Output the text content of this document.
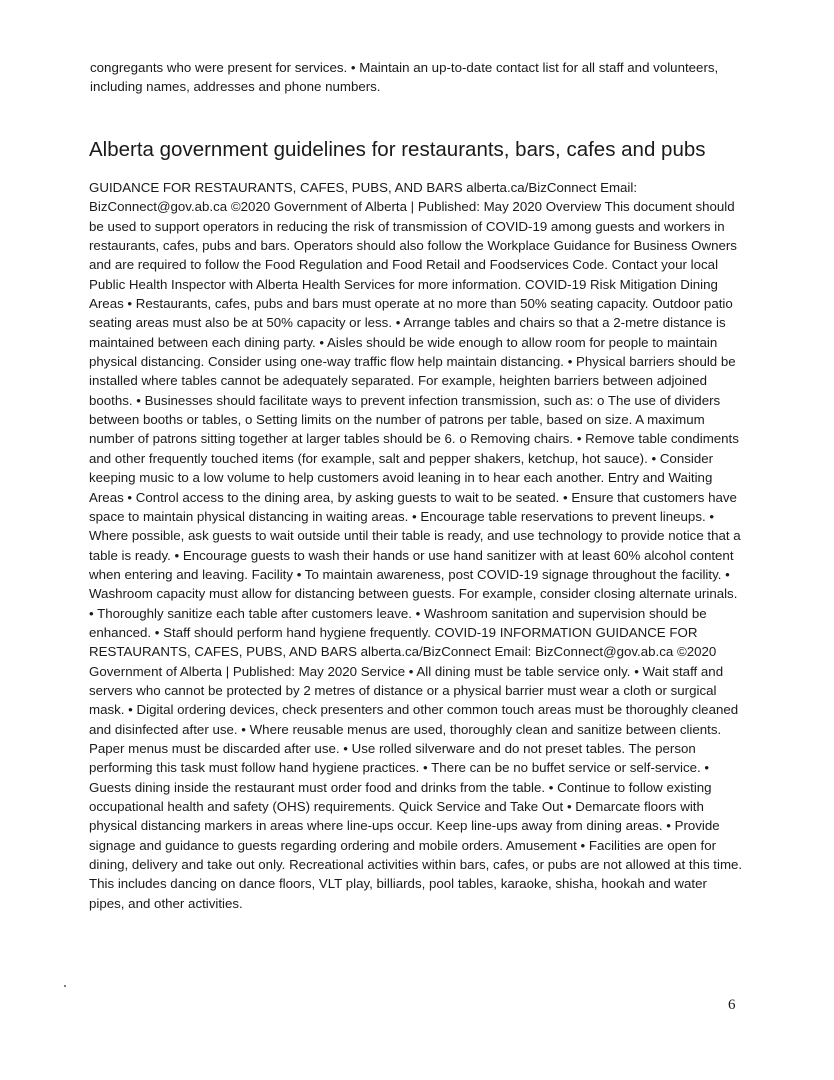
congregants who were present for services. • Maintain an up-to-date contact list for all staff and volunteers, including names, addresses and phone numbers.

Alberta government guidelines for restaurants, bars, cafes and pubs

GUIDANCE FOR RESTAURANTS, CAFES, PUBS, AND BARS alberta.ca/BizConnect Email: BizConnect@gov.ab.ca ©2020 Government of Alberta | Published: May 2020 Overview This document should be used to support operators in reducing the risk of transmission of COVID-19 among guests and workers in restaurants, cafes, pubs and bars. Operators should also follow the Workplace Guidance for Business Owners and are required to follow the Food Regulation and Food Retail and Foodservices Code. Contact your local Public Health Inspector with Alberta Health Services for more information. COVID-19 Risk Mitigation Dining Areas • Restaurants, cafes, pubs and bars must operate at no more than 50% seating capacity. Outdoor patio seating areas must also be at 50% capacity or less. • Arrange tables and chairs so that a 2-metre distance is maintained between each dining party. • Aisles should be wide enough to allow room for people to maintain physical distancing. Consider using one-way traffic flow help maintain distancing. • Physical barriers should be installed where tables cannot be adequately separated. For example, heighten barriers between adjoined booths. • Businesses should facilitate ways to prevent infection transmission, such as: o The use of dividers between booths or tables, o Setting limits on the number of patrons per table, based on size. A maximum number of patrons sitting together at larger tables should be 6. o Removing chairs. • Remove table condiments and other frequently touched items (for example, salt and pepper shakers, ketchup, hot sauce). • Consider keeping music to a low volume to help customers avoid leaning in to hear each another. Entry and Waiting Areas • Control access to the dining area, by asking guests to wait to be seated. • Ensure that customers have space to maintain physical distancing in waiting areas. • Encourage table reservations to prevent lineups. • Where possible, ask guests to wait outside until their table is ready, and use technology to provide notice that a table is ready. • Encourage guests to wash their hands or use hand sanitizer with at least 60% alcohol content when entering and leaving. Facility • To maintain awareness, post COVID-19 signage throughout the facility. • Washroom capacity must allow for distancing between guests. For example, consider closing alternate urinals. • Thoroughly sanitize each table after customers leave. • Washroom sanitation and supervision should be enhanced. • Staff should perform hand hygiene frequently. COVID-19 INFORMATION GUIDANCE FOR RESTAURANTS, CAFES, PUBS, AND BARS alberta.ca/BizConnect Email: BizConnect@gov.ab.ca ©2020 Government of Alberta | Published: May 2020 Service • All dining must be table service only. • Wait staff and servers who cannot be protected by 2 metres of distance or a physical barrier must wear a cloth or surgical mask. • Digital ordering devices, check presenters and other common touch areas must be thoroughly cleaned and disinfected after use. • Where reusable menus are used, thoroughly clean and sanitize between clients. Paper menus must be discarded after use. • Use rolled silverware and do not preset tables. The person performing this task must follow hand hygiene practices. • There can be no buffet service or self-service. • Guests dining inside the restaurant must order food and drinks from the table. • Continue to follow existing occupational health and safety (OHS) requirements. Quick Service and Take Out • Demarcate floors with physical distancing markers in areas where line-ups occur. Keep line-ups away from dining areas. • Provide signage and guidance to guests regarding ordering and mobile orders. Amusement • Facilities are open for dining, delivery and take out only. Recreational activities within bars, cafes, or pubs are not allowed at this time. This includes dancing on dance floors, VLT play, billiards, pool tables, karaoke, shisha, hookah and water pipes, and other activities.

6
